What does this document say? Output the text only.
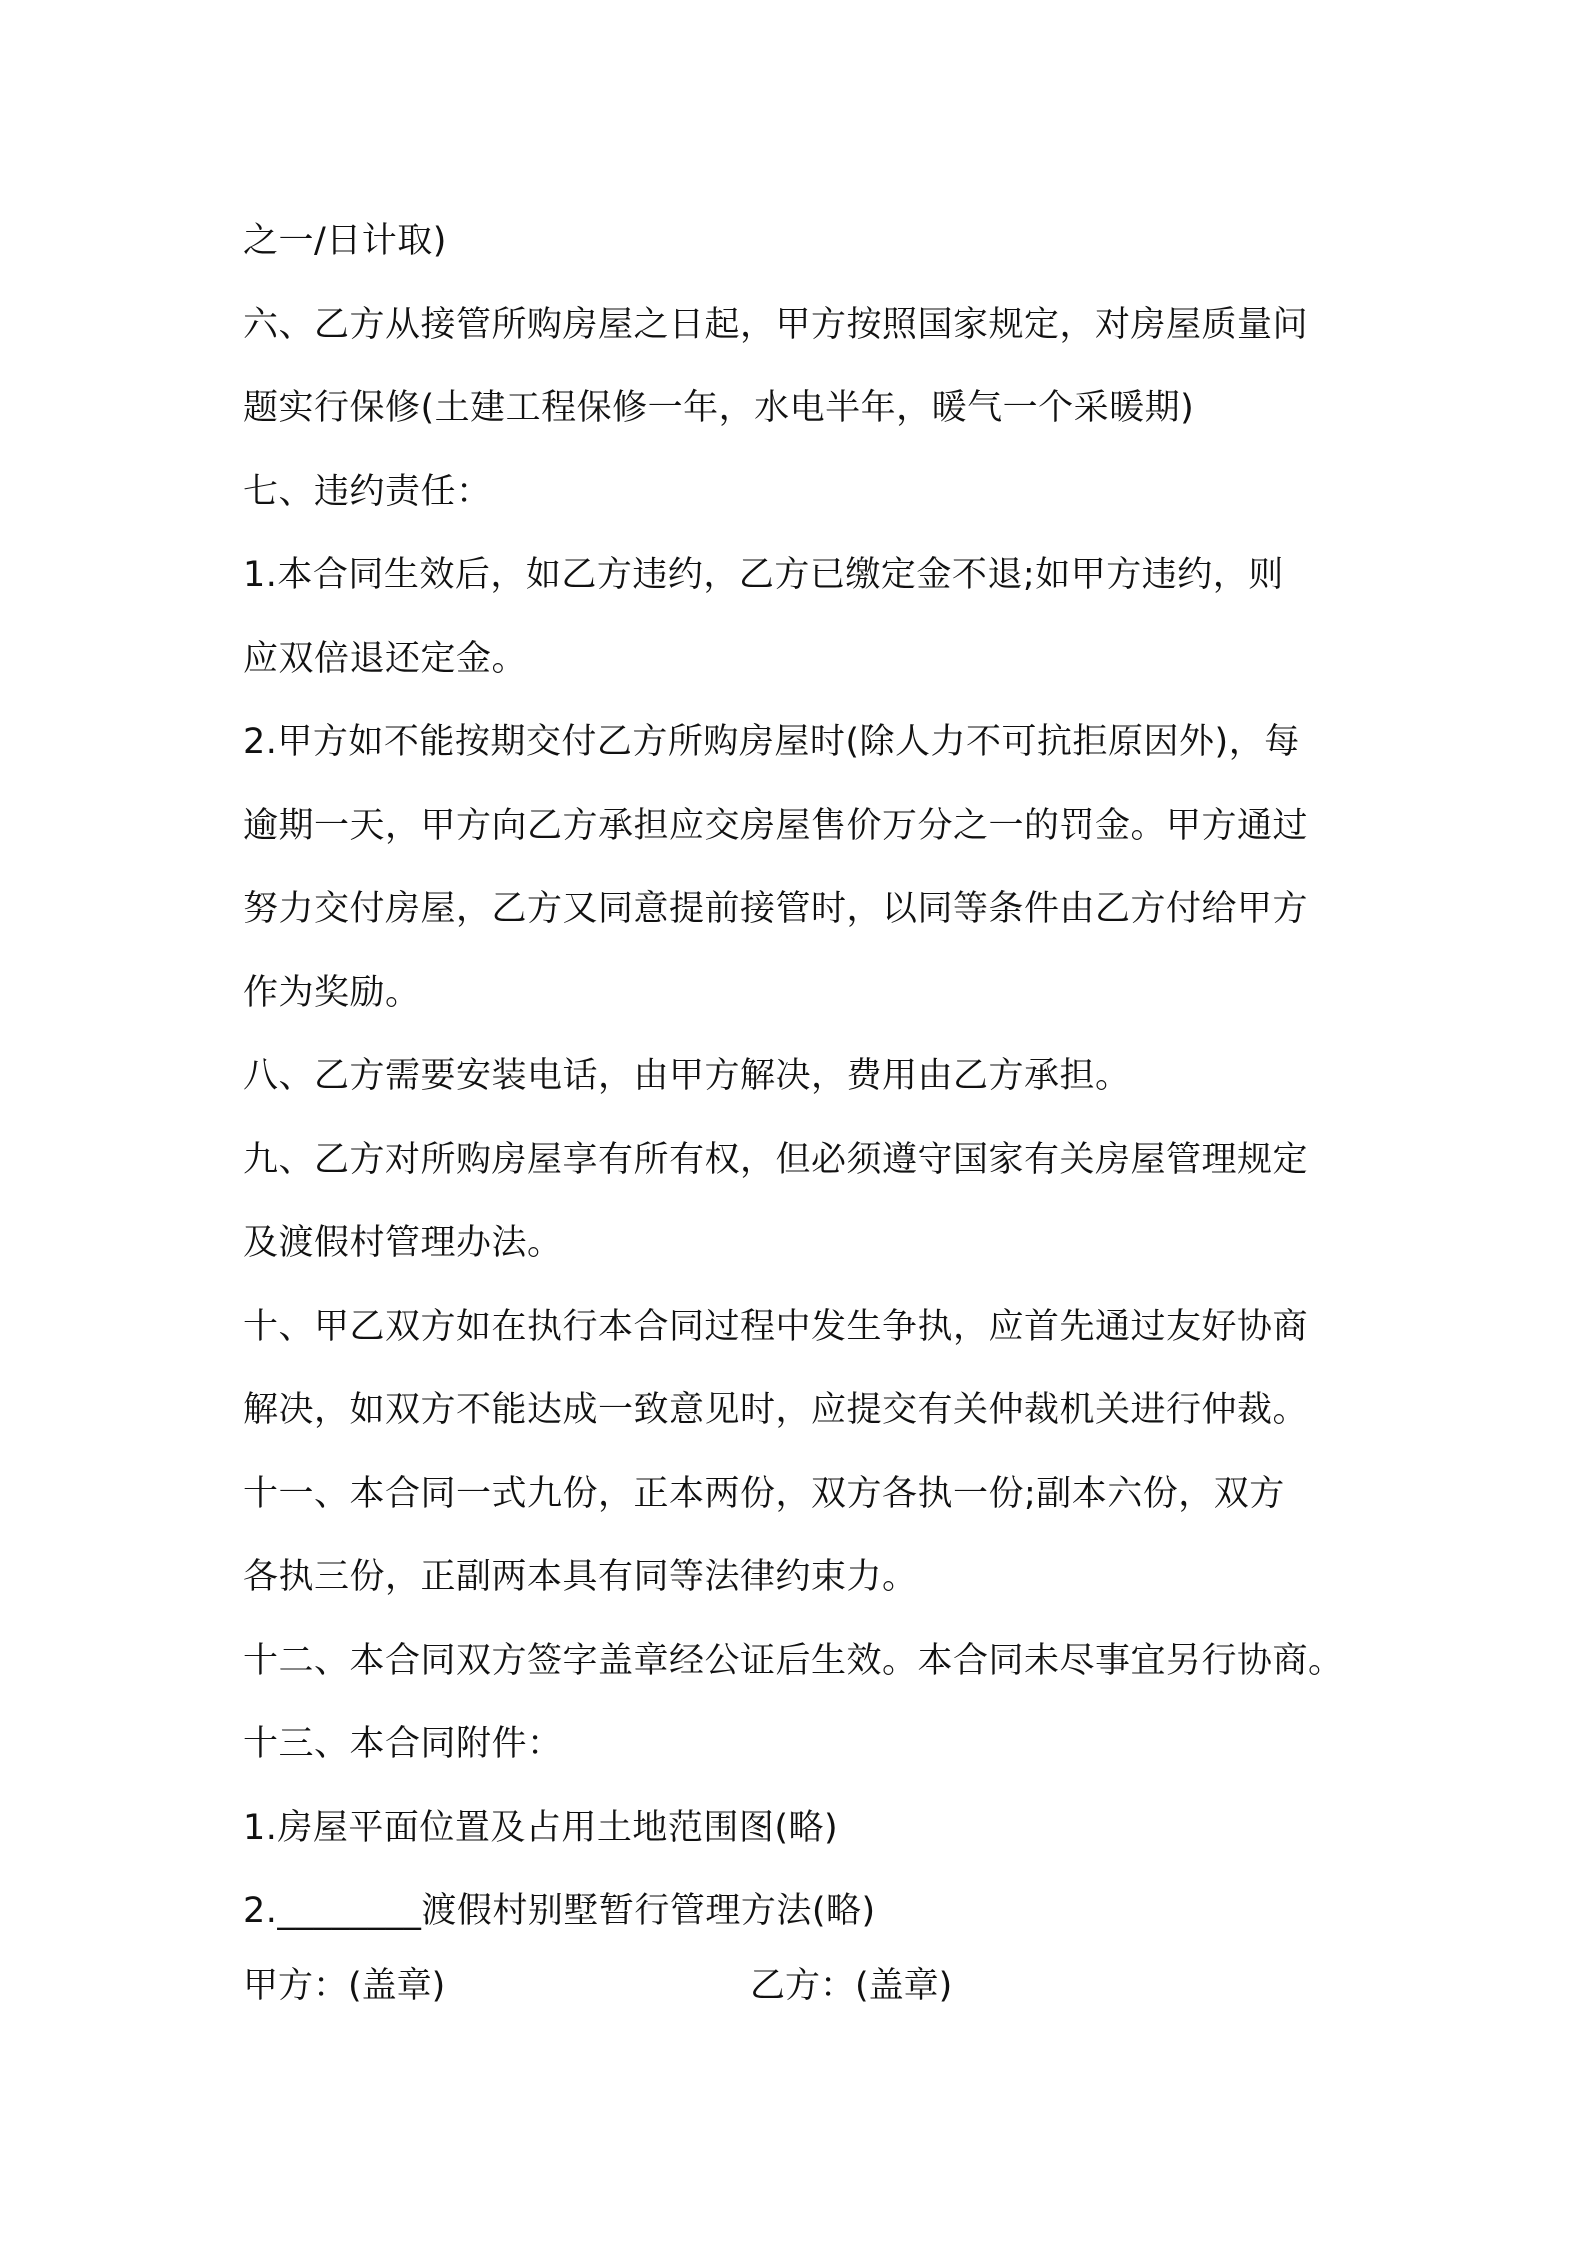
之一/日计取)
六、乙方从接管所购房屋之日起，甲方按照国家规定，对房屋质量问
题实行保修(土建工程保修一年，水电半年，暖气一个采暖期)
七、违约责任：
1.本合同生效后，如乙方违约，乙方已缴定金不退;如甲方违约，则
应双倍退还定金。
2.甲方如不能按期交付乙方所购房屋时(除人力不可抗拒原因外)，每
逾期一天，甲方向乙方承担应交房屋售价万分之一的罚金。甲方通过
努力交付房屋，乙方又同意提前接管时，以同等条件由乙方付给甲方
作为奖励。
八、乙方需要安装电话，由甲方解决，费用由乙方承担。
九、乙方对所购房屋享有所有权，但必须遵守国家有关房屋管理规定
及渡假村管理办法。
十、甲乙双方如在执行本合同过程中发生争执，应首先通过友好协商
解决，如双方不能达成一致意见时，应提交有关仲裁机关进行仲裁。
十一、本合同一式九份，正本两份，双方各执一份;副本六份，双方
各执三份，正副两本具有同等法律约束力。
十二、本合同双方签字盖章经公证后生效。本合同未尽事宜另行协商。
十三、本合同附件：
1.房屋平面位置及占用土地范围图(略)
2.________渡假村别墅暂行管理方法(略)
甲方：(盖章)	乙方：(盖章)
